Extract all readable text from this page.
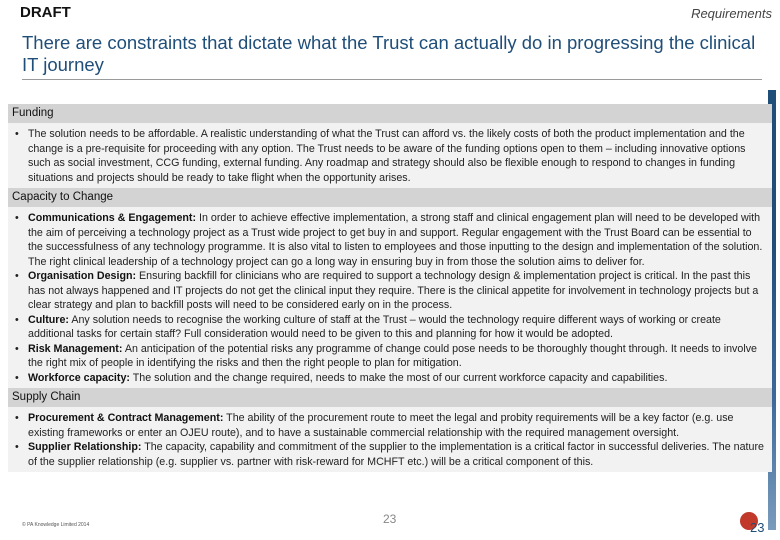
DRAFT	Requirements
There are constraints that dictate what the Trust can actually do in progressing the clinical IT journey
Funding
• The solution needs to be affordable. A realistic understanding of what the Trust can afford vs. the likely costs of both the product implementation and the change is a pre-requisite for proceeding with any option. The Trust needs to be aware of the funding options open to them – including innovative options such as social investment, CCG funding, external funding. Any roadmap and strategy should also be flexible enough to respond to changes in funding situations and projects should be ready to take flight when the opportunity arises.
Capacity to Change
• Communications & Engagement: In order to achieve effective implementation, a strong staff and clinical engagement plan will need to be developed with the aim of perceiving a technology project as a Trust wide project to get buy in and support. Regular engagement with the Trust Board can be essential to the successfulness of any technology programme. It is also vital to listen to employees and those inputting to the design and implementation of the solution. The right clinical leadership of a technology project can go a long way in ensuring buy in from those the solution aims to deliver for.
• Organisation Design: Ensuring backfill for clinicians who are required to support a technology design & implementation project is critical. In the past this has not always happened and IT projects do not get the clinical input they require. There is the clinical appetite for involvement in technology projects but a clear strategy and plan to backfill posts will need to be considered early on in the process.
• Culture: Any solution needs to recognise the working culture of staff at the Trust – would the technology require different ways of working or create additional tasks for certain staff? Full consideration would need to be given to this and planning for how it would be adopted.
• Risk Management: An anticipation of the potential risks any programme of change could pose needs to be thoroughly thought through. It needs to involve the right mix of people in identifying the risks and then the right people to plan for mitigation.
• Workforce capacity: The solution and the change required, needs to make the most of our current workforce capacity and capabilities.
Supply Chain
• Procurement & Contract Management: The ability of the procurement route to meet the legal and probity requirements will be a key factor (e.g. use existing frameworks or enter an OJEU route), and to have a sustainable commercial relationship with the required management oversight.
• Supplier Relationship: The capacity, capability and commitment of the supplier to the implementation is a critical factor in successful deliveries. The nature of the supplier relationship (e.g. supplier vs. partner with risk-reward for MCHFT etc.) will be a critical component of this.
© PA Knowledge Limited 2014	23
23
